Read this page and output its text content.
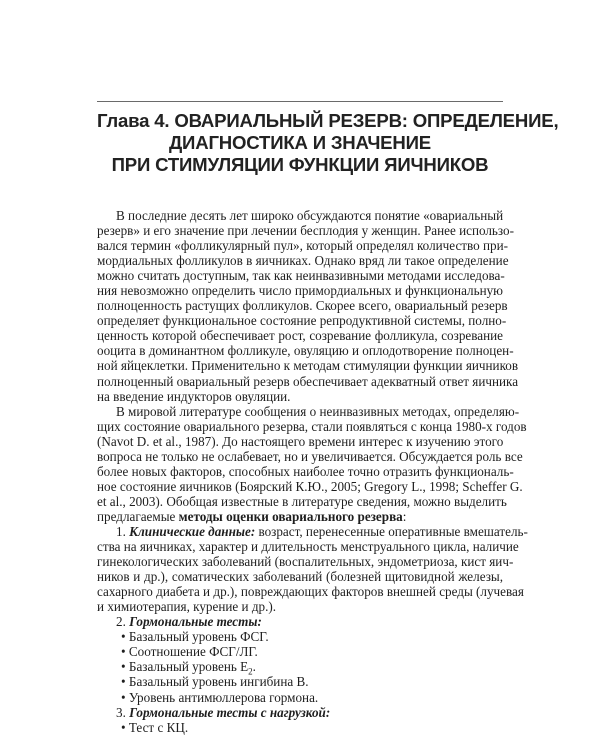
Глава 4. ОВАРИАЛЬНЫЙ РЕЗЕРВ: ОПРЕДЕЛЕНИЕ,
ДИАГНОСТИКА И ЗНАЧЕНИЕ
ПРИ СТИМУЛЯЦИИ ФУНКЦИИ ЯИЧНИКОВ
В последние десять лет широко обсуждаются понятие «овариальный
резерв» и его значение при лечении бесплодия у женщин. Ранее использо-
вался термин «фолликулярный пул», который определял количество при-
мордиальных фолликулов в яичниках. Однако вряд ли такое определение
можно считать доступным, так как неинвазивными методами исследова-
ния невозможно определить число примордиальных и функциональную
полноценность растущих фолликулов. Скорее всего, овариальный резерв
определяет функциональное состояние репродуктивной системы, полно-
ценность которой обеспечивает рост, созревание фолликула, созревание
ооцита в доминантном фолликуле, овуляцию и оплодотворение полноцен-
ной яйцеклетки. Применительно к методам стимуляции функции яичников
полноценный овариальный резерв обеспечивает адекватный ответ яичника
на введение индукторов овуляции.
В мировой литературе сообщения о неинвазивных методах, определяю-
щих состояние овариального резерва, стали появляться с конца 1980-х годов
(Navot D. et al., 1987). До настоящего времени интерес к изучению этого
вопроса не только не ослабевает, но и увеличивается. Обсуждается роль все
более новых факторов, способных наиболее точно отразить функциональ-
ное состояние яичников (Боярский К.Ю., 2005; Gregory L., 1998; Scheffer G.
et al., 2003). Обобщая известные в литературе сведения, можно выделить
предлагаемые методы оценки овариального резерва:
1. Клинические данные: возраст, перенесенные оперативные вмешатель-
ства на яичниках, характер и длительность менструального цикла, наличие
гинекологических заболеваний (воспалительных, эндометриоза, кист яич-
ников и др.), соматических заболеваний (болезней щитовидной железы,
сахарного диабета и др.), повреждающих факторов внешней среды (лучевая
и химиотерапия, курение и др.).
2. Гормональные тесты:
• Базальный уровень ФСГ.
• Соотношение ФСГ/ЛГ.
• Базальный уровень $E_2$.
• Базальный уровень ингибина B.
• Уровень антимюллерова гормона.
3. Гормональные тесты с нагрузкой:
• Тест с КЦ.
